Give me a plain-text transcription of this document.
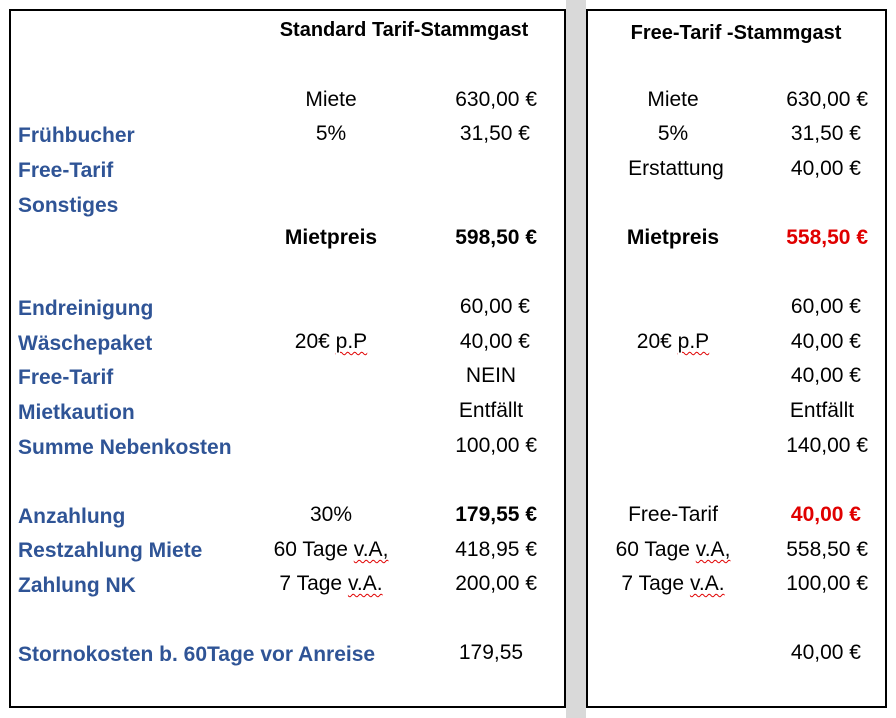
Standard Tarif-Stammgast	Free-Tarif -Stammgast
Frühbucher
Free-Tarif
Sonstiges
Endreinigung
Wäschepaket
Free-Tarif
Mietkaution
Summe Nebenkosten
Anzahlung
Restzahlung Miete
Zahlung NK
Stornokosten b. 60Tage vor Anreise
Miete
5%
Mietpreis
20€ p.P
30%
60 Tage v.A,
7 Tage v.A.
630,00 €
31,50 €
598,50 €
60,00 €
40,00 €
NEIN
Entfällt
100,00 €
179,55 €
418,95 €
200,00 €
179,55
Miete
5%
Erstattung
Mietpreis
20€ p.P
Free-Tarif
60 Tage v.A,
7 Tage v.A.
630,00 €
31,50 €
40,00 €
558,50 €
60,00 €
40,00 €
40,00 €
Entfällt
140,00 €
40,00 €
558,50 €
100,00 €
40,00 €
